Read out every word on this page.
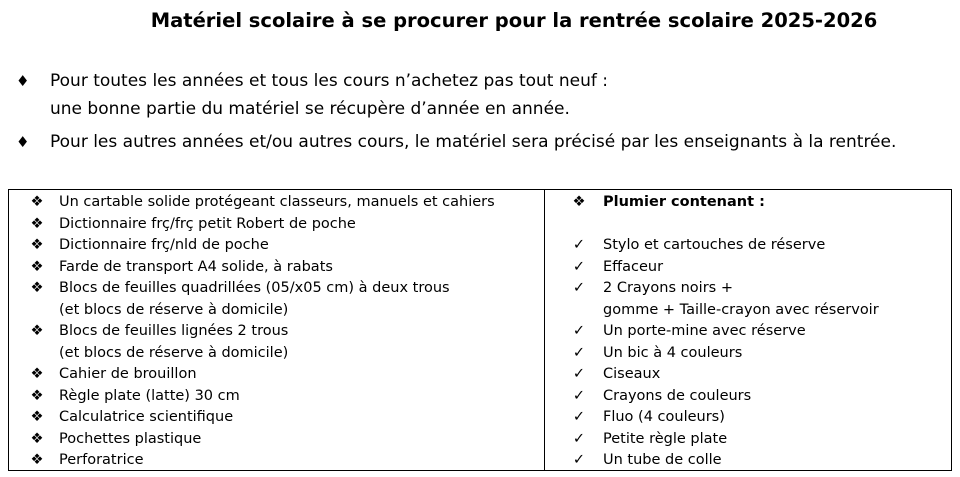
Matériel scolaire à se procurer pour la rentrée scolaire 2025-2026
♦ Pour toutes les années et tous les cours n’achetez pas tout neuf :
une bonne partie du matériel se récupère d’année en année.
♦ Pour les autres années et/ou autres cours, le matériel sera précisé par les enseignants à la rentrée.
❖ Un cartable solide protégeant classeurs, manuels et cahiers
❖ Dictionnaire frç/frç petit Robert de poche
❖ Dictionnaire frç/nld de poche
❖ Farde de transport A4 solide, à rabats
❖ Blocs de feuilles quadrillées (05/x05 cm) à deux trous
(et blocs de réserve à domicile)
❖ Blocs de feuilles lignées 2 trous
(et blocs de réserve à domicile)
❖ Cahier de brouillon
❖ Règle plate (latte) 30 cm
❖ Calculatrice scientifique
❖ Pochettes plastique
❖ Perforatrice
❖ Plumier contenant :
✓ Stylo et cartouches de réserve
✓ Effaceur
✓ 2 Crayons noirs +
gomme + Taille-crayon avec réservoir
✓ Un porte-mine avec réserve
✓ Un bic à 4 couleurs
✓ Ciseaux
✓ Crayons de couleurs
✓ Fluo (4 couleurs)
✓ Petite règle plate
✓ Un tube de colle
